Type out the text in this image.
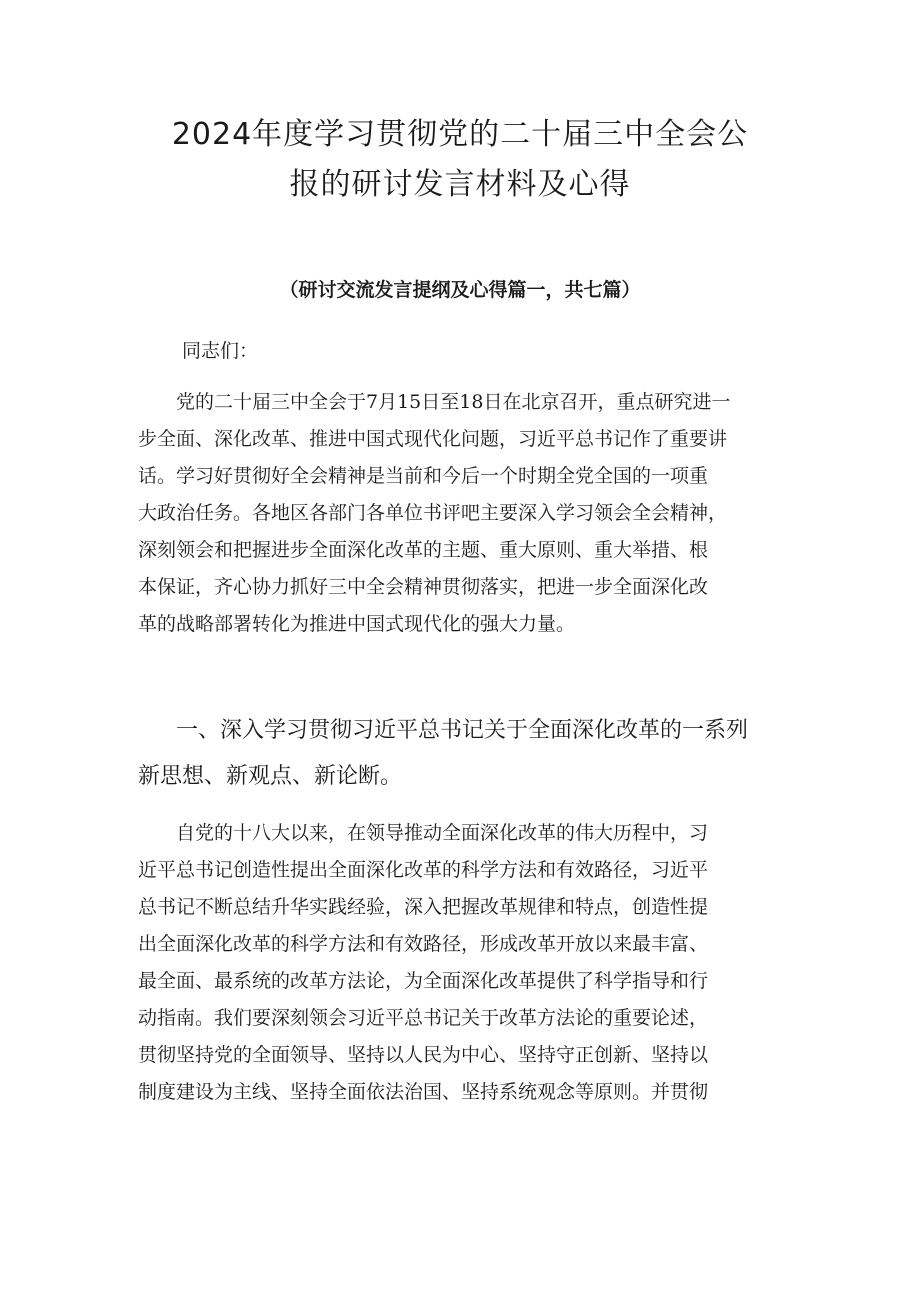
2024年度学习贯彻党的二十届三中全会公
报的研讨发言材料及心得
（研讨交流发言提纲及心得篇一，共七篇）
同志们：
党的二十届三中全会于7月15日至18日在北京召开，重点研究进一
步全面、深化改革、推进中国式现代化问题，习近平总书记作了重要讲
话。学习好贯彻好全会精神是当前和今后一个时期全党全国的一项重
大政治任务。各地区各部门各单位书评吧主要深入学习领会全会精神，
深刻领会和把握进步全面深化改革的主题、重大原则、重大举措、根
本保证，齐心协力抓好三中全会精神贯彻落实，把进一步全面深化改
革的战略部署转化为推进中国式现代化的强大力量。
一、深入学习贯彻习近平总书记关于全面深化改革的一系列
新思想、新观点、新论断。
自党的十八大以来，在领导推动全面深化改革的伟大历程中，习
近平总书记创造性提出全面深化改革的科学方法和有效路径，习近平
总书记不断总结升华实践经验，深入把握改革规律和特点，创造性提
出全面深化改革的科学方法和有效路径，形成改革开放以来最丰富、
最全面、最系统的改革方法论，为全面深化改革提供了科学指导和行
动指南。我们要深刻领会习近平总书记关于改革方法论的重要论述，
贯彻坚持党的全面领导、坚持以人民为中心、坚持守正创新、坚持以
制度建设为主线、坚持全面依法治国、坚持系统观念等原则。并贯彻
